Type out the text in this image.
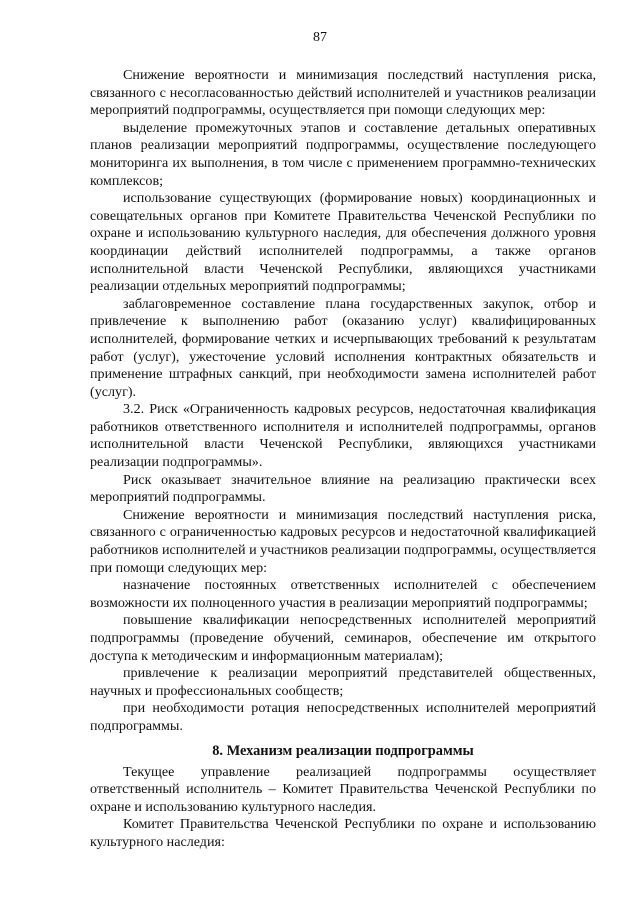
87

Снижение вероятности и минимизация последствий наступления риска, связанного с несогласованностью действий исполнителей и участников реализации мероприятий подпрограммы, осуществляется при помощи следующих мер:

выделение промежуточных этапов и составление детальных оперативных планов реализации мероприятий подпрограммы, осуществление последующего мониторинга их выполнения, в том числе с применением программно-технических комплексов;

использование существующих (формирование новых) координационных и совещательных органов при Комитете Правительства Чеченской Республики по охране и использованию культурного наследия, для обеспечения должного уровня координации действий исполнителей подпрограммы, а также органов исполнительной власти Чеченской Республики, являющихся участниками реализации отдельных мероприятий подпрограммы;

заблаговременное составление плана государственных закупок, отбор и привлечение к выполнению работ (оказанию услуг) квалифицированных исполнителей, формирование четких и исчерпывающих требований к результатам работ (услуг), ужесточение условий исполнения контрактных обязательств и применение штрафных санкций, при необходимости замена исполнителей работ (услуг).

3.2. Риск «Ограниченность кадровых ресурсов, недостаточная квалификация работников ответственного исполнителя и исполнителей подпрограммы, органов исполнительной власти Чеченской Республики, являющихся участниками реализации подпрограммы».

Риск оказывает значительное влияние на реализацию практически всех мероприятий подпрограммы.

Снижение вероятности и минимизация последствий наступления риска, связанного с ограниченностью кадровых ресурсов и недостаточной квалификацией работников исполнителей и участников реализации подпрограммы, осуществляется при помощи следующих мер:

назначение постоянных ответственных исполнителей с обеспечением возможности их полноценного участия в реализации мероприятий подпрограммы;

повышение квалификации непосредственных исполнителей мероприятий подпрограммы (проведение обучений, семинаров, обеспечение им открытого доступа к методическим и информационным материалам);

привлечение к реализации мероприятий представителей общественных, научных и профессиональных сообществ;

при необходимости ротация непосредственных исполнителей мероприятий подпрограммы.

8. Механизм реализации подпрограммы

Текущее управление реализацией подпрограммы осуществляет ответственный исполнитель – Комитет Правительства Чеченской Республики по охране и использованию культурного наследия.

Комитет Правительства Чеченской Республики по охране и использованию культурного наследия:
